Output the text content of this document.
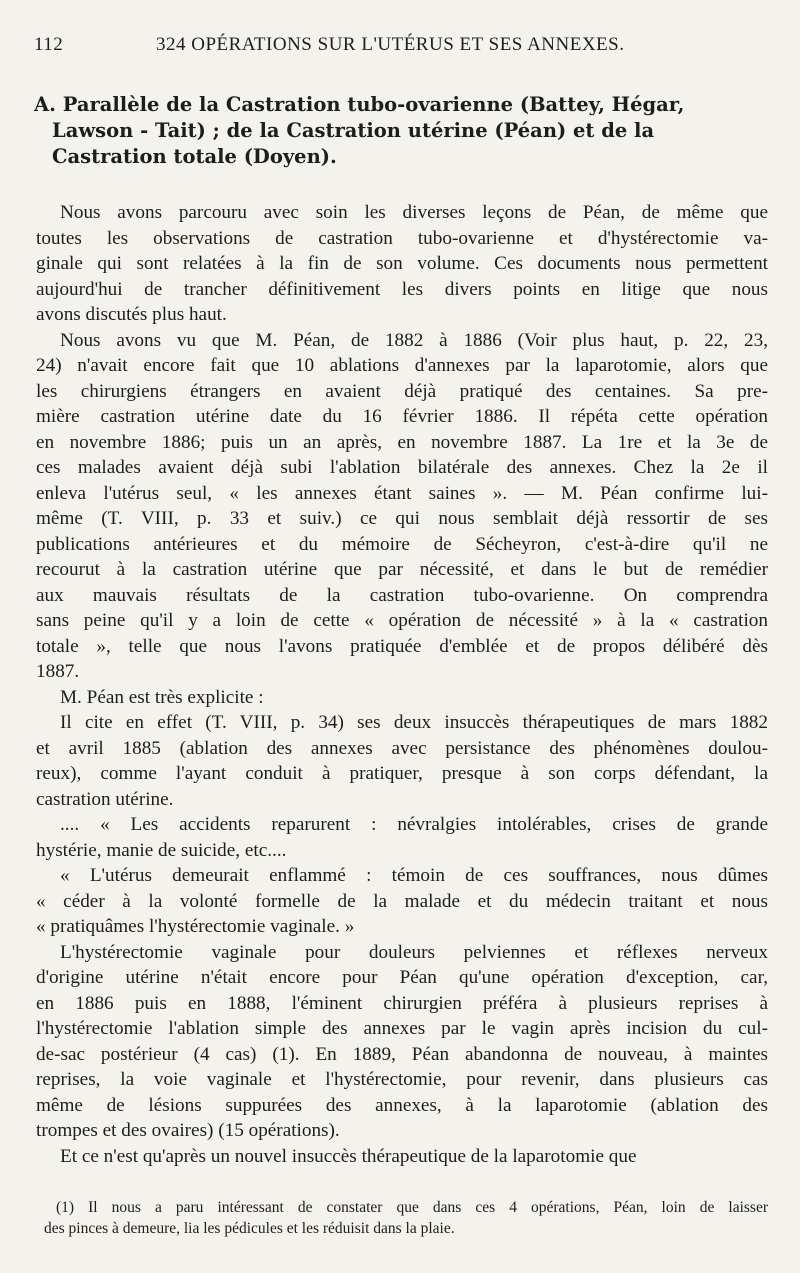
112	324 OPÉRATIONS SUR L'UTÉRUS ET SES ANNEXES.
A. Parallèle de la Castration tubo-ovarienne (Battey, Hégar,
Lawson - Tait) ; de la Castration utérine (Péan) et de la
Castration totale (Doyen).

Nous avons parcouru avec soin les diverses leçons de Péan, de même que
toutes les observations de castration tubo-ovarienne et d'hystérectomie va-
ginale qui sont relatées à la fin de son volume. Ces documents nous permettent
aujourd'hui de trancher définitivement les divers points en litige que nous
avons discutés plus haut.

Nous avons vu que M. Péan, de 1882 à 1886 (Voir plus haut, p. 22, 23,
24) n'avait encore fait que 10 ablations d'annexes par la laparotomie, alors que
les chirurgiens étrangers en avaient déjà pratiqué des centaines. Sa pre-
mière castration utérine date du 16 février 1886. Il répéta cette opération
en novembre 1886; puis un an après, en novembre 1887. La 1re et la 3e de
ces malades avaient déjà subi l'ablation bilatérale des annexes. Chez la 2e il
enleva l'utérus seul, « les annexes étant saines ». — M. Péan confirme lui-
même (T. VIII, p. 33 et suiv.) ce qui nous semblait déjà ressortir de ses
publications antérieures et du mémoire de Sécheyron, c'est-à-dire qu'il ne
recourut à la castration utérine que par nécessité, et dans le but de remédier
aux mauvais résultats de la castration tubo-ovarienne. On comprendra
sans peine qu'il y a loin de cette « opération de nécessité » à la « castration
totale », telle que nous l'avons pratiquée d'emblée et de propos délibéré dès
1887.

M. Péan est très explicite :

Il cite en effet (T. VIII, p. 34) ses deux insuccès thérapeutiques de mars 1882
et avril 1885 (ablation des annexes avec persistance des phénomènes doulou-
reux), comme l'ayant conduit à pratiquer, presque à son corps défendant, la
castration utérine.

.... « Les accidents reparurent : névralgies intolérables, crises de grande
hystérie, manie de suicide, etc....

« L'utérus demeurait enflammé : témoin de ces souffrances, nous dûmes
« céder à la volonté formelle de la malade et du médecin traitant et nous
« pratiquâmes l'hystérectomie vaginale. »

L'hystérectomie vaginale pour douleurs pelviennes et réflexes nerveux
d'origine utérine n'était encore pour Péan qu'une opération d'exception, car,
en 1886 puis en 1888, l'éminent chirurgien préféra à plusieurs reprises à
l'hystérectomie l'ablation simple des annexes par le vagin après incision du cul-
de-sac postérieur (4 cas) (1). En 1889, Péan abandonna de nouveau, à maintes
reprises, la voie vaginale et l'hystérectomie, pour revenir, dans plusieurs cas
même de lésions suppurées des annexes, à la laparotomie (ablation des
trompes et des ovaires) (15 opérations).

Et ce n'est qu'après un nouvel insuccès thérapeutique de la laparotomie que

(1) Il nous a paru intéressant de constater que dans ces 4 opérations, Péan, loin de laisser
des pinces à demeure, lia les pédicules et les réduisit dans la plaie.
